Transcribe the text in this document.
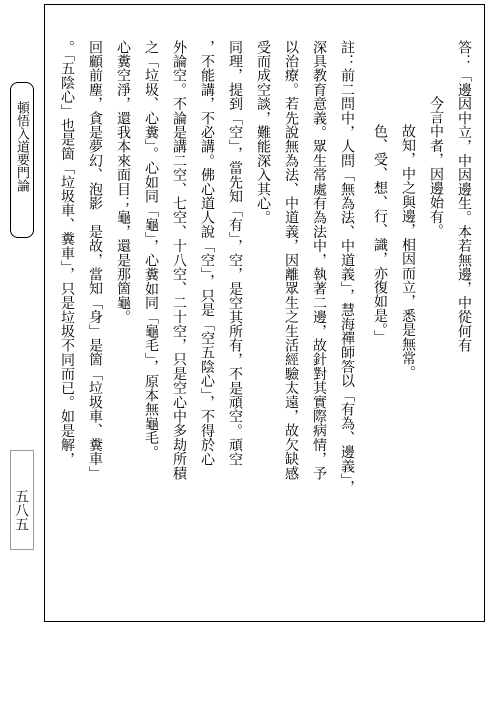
頓悟入道要門論
五八五
答：「邊因中立，中因邊生。本若無邊，中從何有
今言中者，因邊始有。
故知，中之與邊，相因而立，悉是無常。
色、受、想、行、識，亦復如是。」
註：前二問中，人問「無為法、中道義」，慧海禪師答以「有為、邊義」，
深具教育意義。眾生常處有為法中，執著二邊，故針對其實際病情，予
以治療。若先說無為法、中道義，因離眾生之生活經驗太遠，故欠缺感
受而成空談，難能深入其心。
同理，提到「空」，當先知「有」，空，是空其所有，不是頑空。頑空
，不能講，不必講。佛心道人說「空」，只是「空五陰心」，不得於心
外論空。不論是講二空、七空、十八空、二十空，只是空心中多劫所積
之「垃圾、心糞」。心如同「龜」，心糞如同「龜毛」，原本無龜毛。
心糞空淨，還我本來面目；龜，還是那箇龜。
回顧前塵，貪是夢幻、泡影　是故，當知「身」是箇「垃圾車、糞車」
。「五陰心」也是箇「垃圾車、糞車」，只是垃圾不同而已。如是解，
